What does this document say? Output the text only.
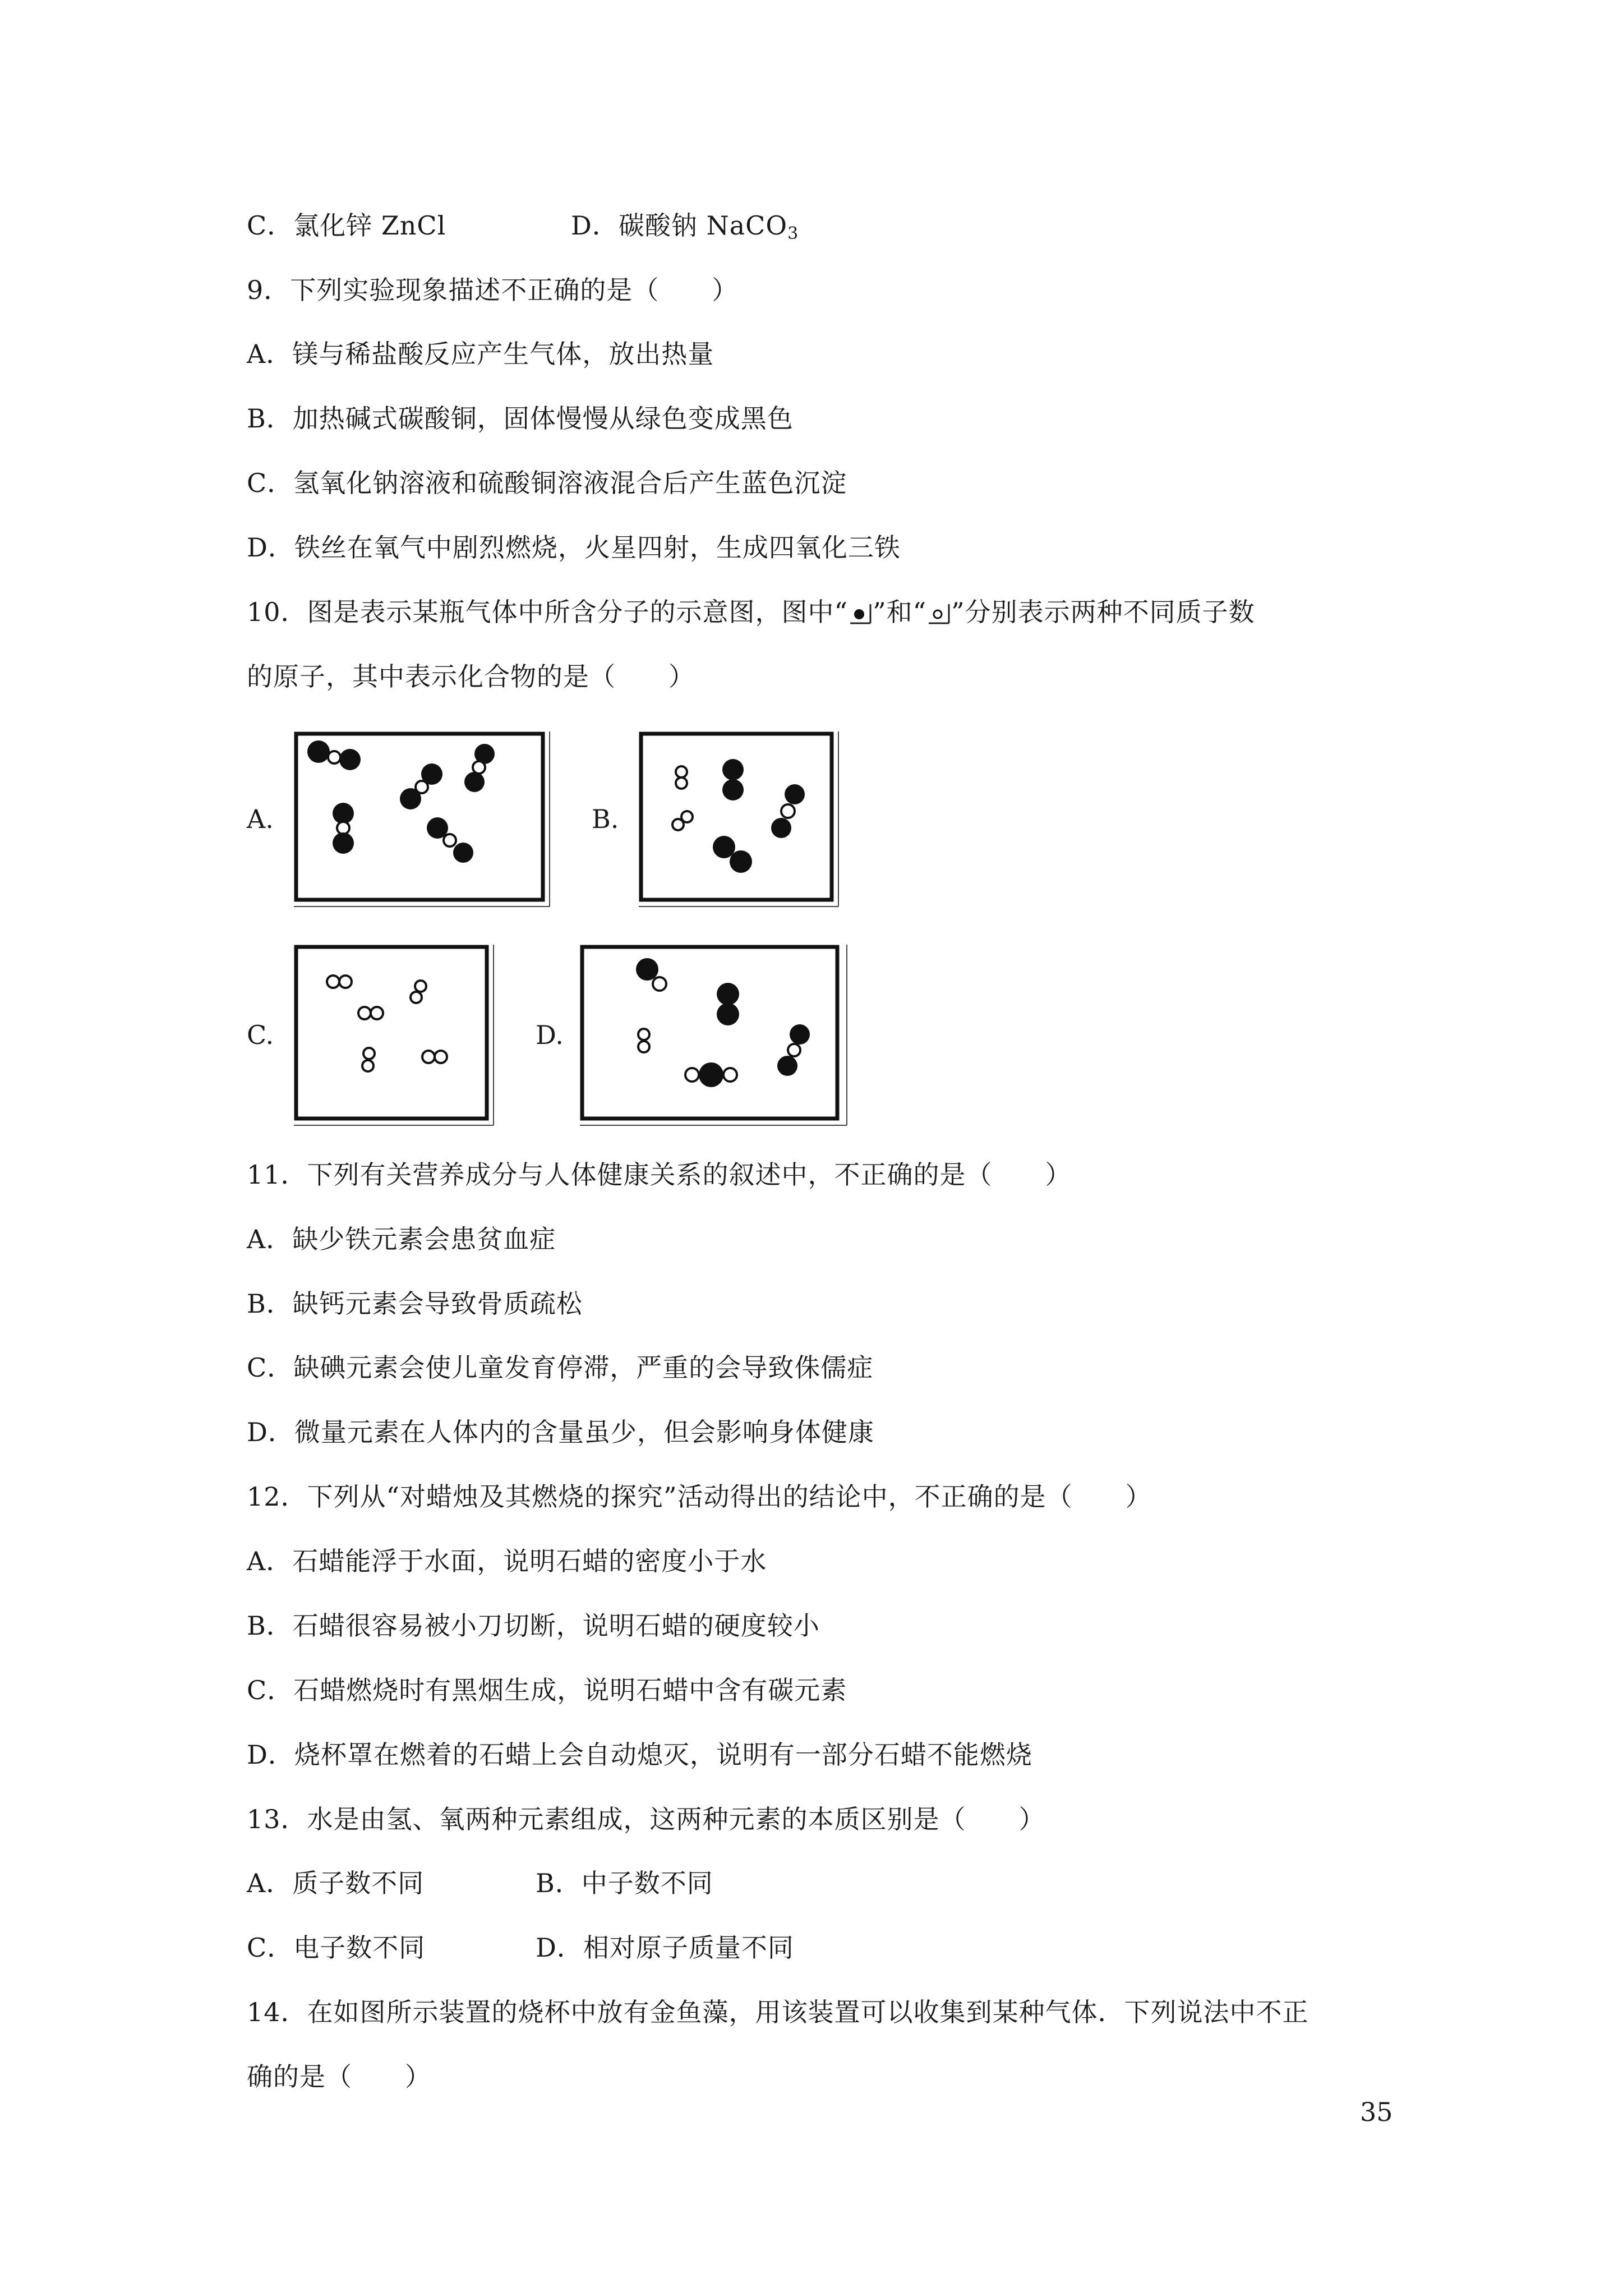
C．氯化锌 ZnCl	D．碳酸钠 NaCO$_3$
9．下列实验现象描述不正确的是（　　）
A．镁与稀盐酸反应产生气体，放出热量
B．加热碱式碳酸铜，固体慢慢从绿色变成黑色
C．氢氧化钠溶液和硫酸铜溶液混合后产生蓝色沉淀
D．铁丝在氧气中剧烈燃烧，火星四射，生成四氧化三铁
10．图是表示某瓶气体中所含分子的示意图，图中“ ”和“ ”分别表示两种不同质子数
的原子，其中表示化合物的是（　　）
A.	B.
C.	D.
11．下列有关营养成分与人体健康关系的叙述中，不正确的是（　　）
A．缺少铁元素会患贫血症
B．缺钙元素会导致骨质疏松
C．缺碘元素会使儿童发育停滞，严重的会导致侏儒症
D．微量元素在人体内的含量虽少，但会影响身体健康
12．下列从“对蜡烛及其燃烧的探究”活动得出的结论中，不正确的是（　　）
A．石蜡能浮于水面，说明石蜡的密度小于水
B．石蜡很容易被小刀切断，说明石蜡的硬度较小
C．石蜡燃烧时有黑烟生成，说明石蜡中含有碳元素
D．烧杯罩在燃着的石蜡上会自动熄灭，说明有一部分石蜡不能燃烧
13．水是由氢、氧两种元素组成，这两种元素的本质区别是（　　）
A．质子数不同	B．中子数不同
C．电子数不同	D．相对原子质量不同
14．在如图所示装置的烧杯中放有金鱼藻，用该装置可以收集到某种气体．下列说法中不正
确的是（　　）
35
